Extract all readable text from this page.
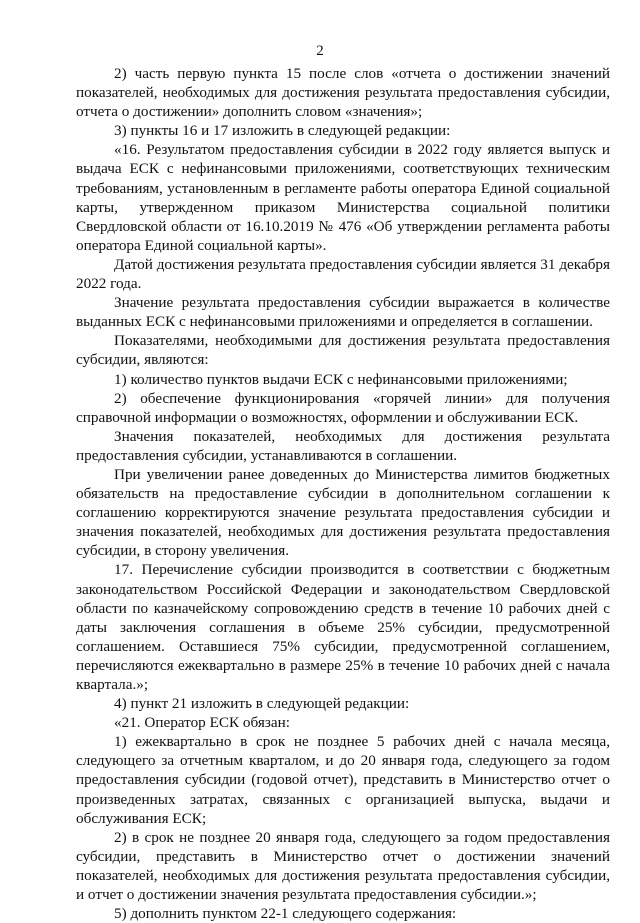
2

2) часть первую пункта 15 после слов «отчета о достижении значений показателей, необходимых для достижения результата предоставления субсидии, отчета о достижении» дополнить словом «значения»;

3) пункты 16 и 17 изложить в следующей редакции:

«16. Результатом предоставления субсидии в 2022 году является выпуск и выдача ЕСК с нефинансовыми приложениями, соответствующих техническим требованиям, установленным в регламенте работы оператора Единой социальной карты, утвержденном приказом Министерства социальной политики Свердловской области от 16.10.2019 № 476 «Об утверждении регламента работы оператора Единой социальной карты».

Датой достижения результата предоставления субсидии является 31 декабря 2022 года.

Значение результата предоставления субсидии выражается в количестве выданных ЕСК с нефинансовыми приложениями и определяется в соглашении.

Показателями, необходимыми для достижения результата предоставления субсидии, являются:

1) количество пунктов выдачи ЕСК с нефинансовыми приложениями;

2) обеспечение функционирования «горячей линии» для получения справочной информации о возможностях, оформлении и обслуживании ЕСК.

Значения показателей, необходимых для достижения результата предоставления субсидии, устанавливаются в соглашении.

При увеличении ранее доведенных до Министерства лимитов бюджетных обязательств на предоставление субсидии в дополнительном соглашении к соглашению корректируются значение результата предоставления субсидии и значения показателей, необходимых для достижения результата предоставления субсидии, в сторону увеличения.

17. Перечисление субсидии производится в соответствии с бюджетным законодательством Российской Федерации и законодательством Свердловской области по казначейскому сопровождению средств в течение 10 рабочих дней с даты заключения соглашения в объеме 25% субсидии, предусмотренной соглашением. Оставшиеся 75% субсидии, предусмотренной соглашением, перечисляются ежеквартально в размере 25% в течение 10 рабочих дней с начала квартала.»;

4) пункт 21 изложить в следующей редакции:

«21. Оператор ЕСК обязан:

1) ежеквартально в срок не позднее 5 рабочих дней с начала месяца, следующего за отчетным кварталом, и до 20 января года, следующего за годом предоставления субсидии (годовой отчет), представить в Министерство отчет о произведенных затратах, связанных с организацией выпуска, выдачи и обслуживания ЕСК;

2) в срок не позднее 20 января года, следующего за годом предоставления субсидии, представить в Министерство отчет о достижении значений показателей, необходимых для достижения результата предоставления субсидии, и отчет о достижении значения результата предоставления субсидии.»;

5) дополнить пунктом 22-1 следующего содержания:
